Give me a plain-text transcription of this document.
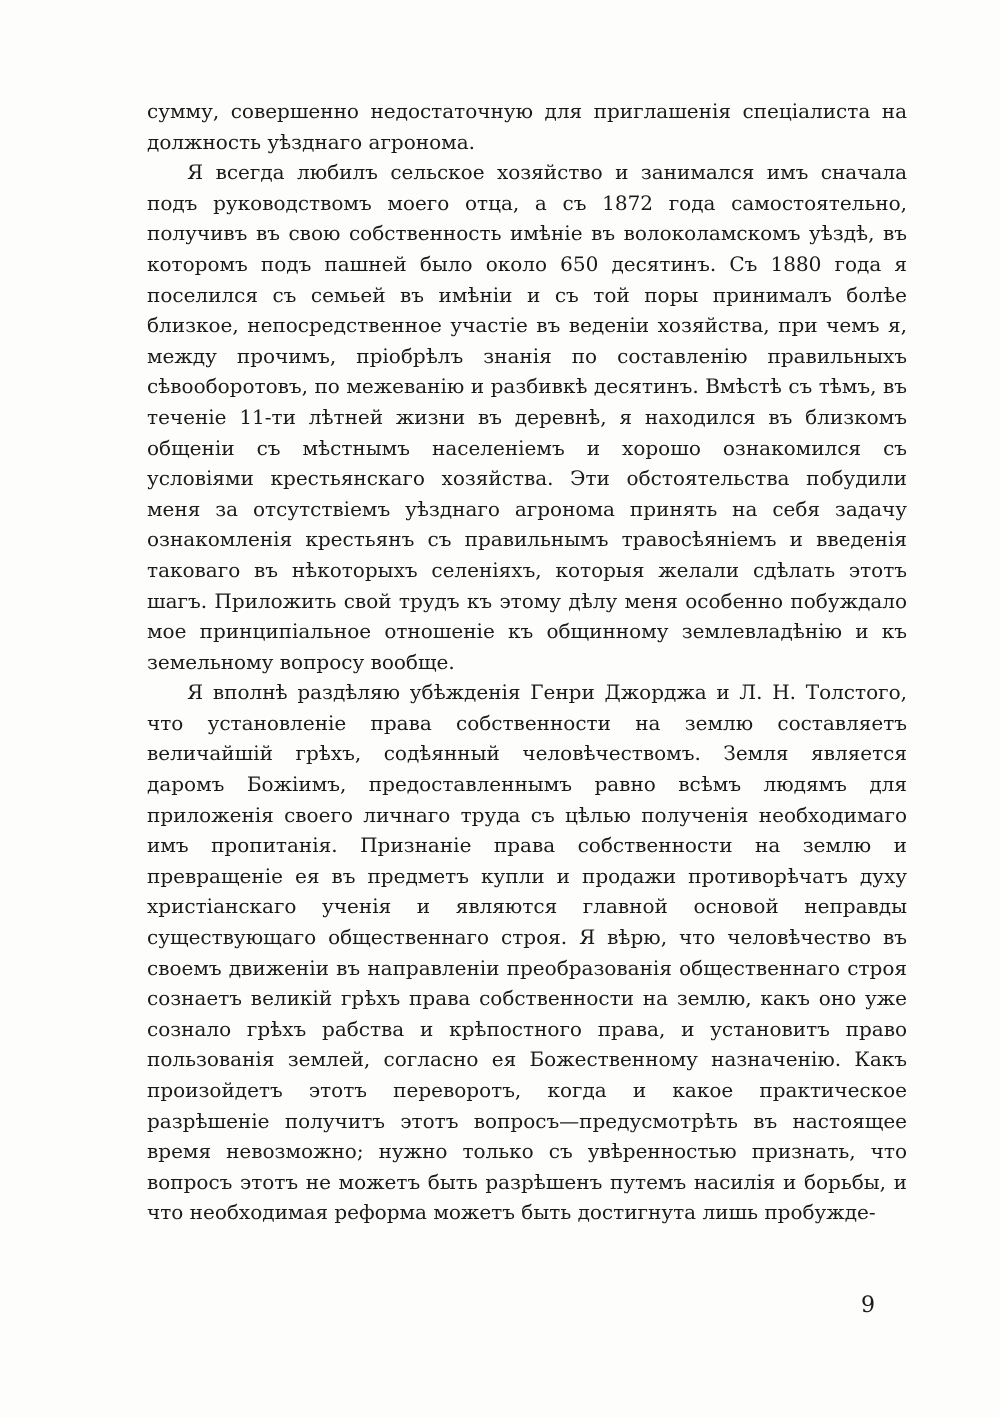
сумму, совершенно недостаточную для приглашенія спеціалиста на должность уѣзднаго агронома.

Я всегда любилъ сельское хозяйство и занимался имъ сначала подъ руководствомъ моего отца, а съ 1872 года самостоятельно, получивъ въ свою собственность имѣніе въ волоколамскомъ уѣздѣ, въ которомъ подъ пашней было около 650 десятинъ. Съ 1880 года я поселился съ семьей въ имѣніи и съ той поры принималъ болѣе близкое, непосредственное участіе въ веденіи хозяйства, при чемъ я, между прочимъ, пріобрѣлъ знанія по составленію правильныхъ сѣвооборотовъ, по межеванію и разбивкѣ десятинъ. Вмѣстѣ съ тѣмъ, въ теченіе 11-ти лѣтней жизни въ деревнѣ, я находился въ близкомъ общеніи съ мѣстнымъ населеніемъ и хорошо ознакомился съ условіями крестьянскаго хозяйства. Эти обстоятельства побудили меня за отсутствіемъ уѣзднаго агронома принять на себя задачу ознакомленія крестьянъ съ правильнымъ травосѣяніемъ и введенія таковаго въ нѣкоторыхъ селеніяхъ, которыя желали сдѣлать этотъ шагъ. Приложить свой трудъ къ этому дѣлу меня особенно побуждало мое принципіальное отношеніе къ общинному землевладѣнію и къ земельному вопросу вообще.

Я вполнѣ раздѣляю убѣжденія Генри Джорджа и Л. Н. Толстого, что установленіе права собственности на землю составляетъ величайшій грѣхъ, содѣянный человѣчествомъ. Земля является даромъ Божіимъ, предоставленнымъ равно всѣмъ людямъ для приложенія своего личнаго труда съ цѣлью полученія необходимаго имъ пропитанія. Признаніе права собственности на землю и превращеніе ея въ предметъ купли и продажи противорѣчатъ духу христіанскаго ученія и являются главной основой неправды существующаго общественнаго строя. Я вѣрю, что человѣчество въ своемъ движеніи въ направленіи преобразованія общественнаго строя сознаетъ великій грѣхъ права собственности на землю, какъ оно уже сознало грѣхъ рабства и крѣпостного права, и установитъ право пользованія землей, согласно ея Божественному назначенію. Какъ произойдетъ этотъ переворотъ, когда и какое практическое разрѣшеніе получитъ этотъ вопросъ—предусмотрѣть въ настоящее время невозможно; нужно только съ увѣренностью признать, что вопросъ этотъ не можетъ быть разрѣшенъ путемъ насилія и борьбы, и что необходимая реформа можетъ быть достигнута лишь пробужде-

9
